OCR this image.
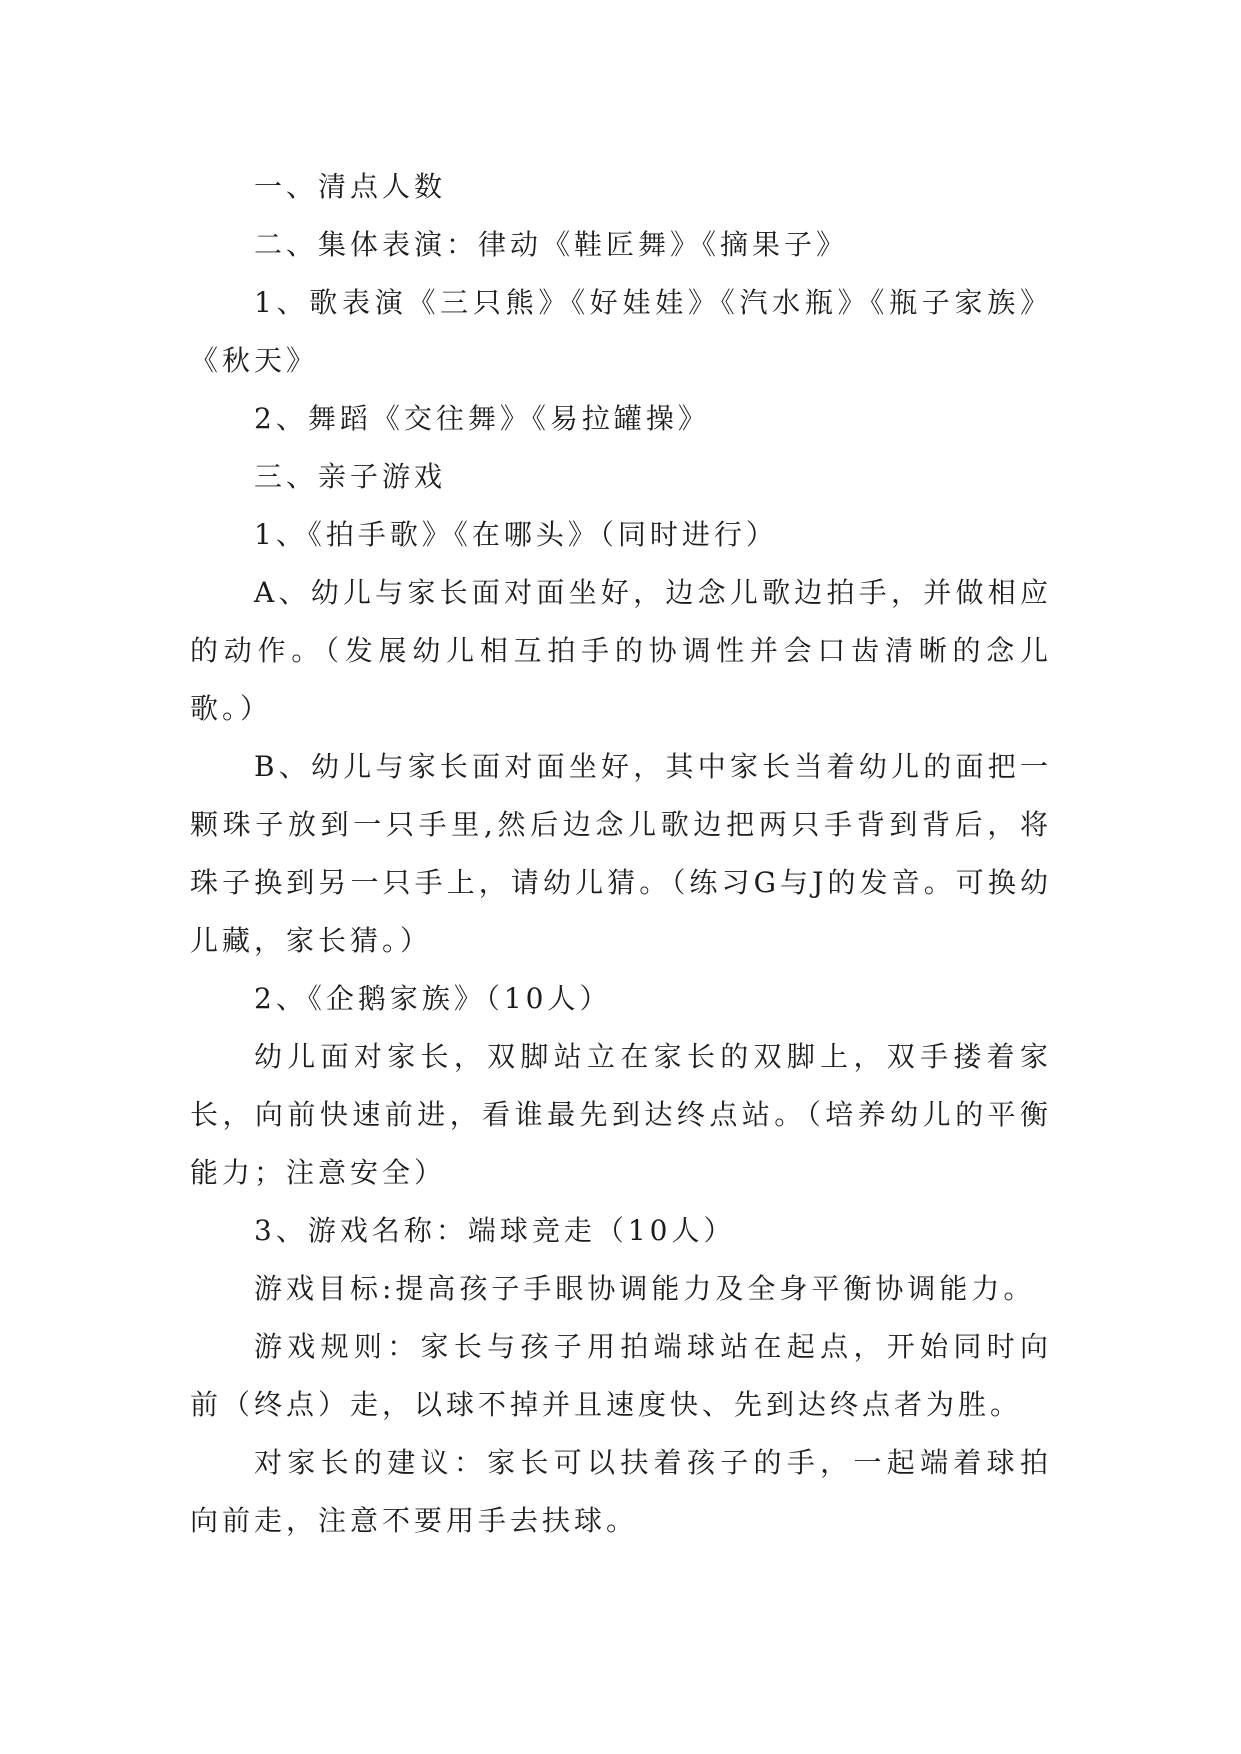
一、清点人数

二、集体表演：律动《鞋匠舞》《摘果子》

1、歌表演《三只熊》《好娃娃》《汽水瓶》《瓶子家族》《秋天》

2、舞蹈《交往舞》《易拉罐操》

三、亲子游戏

1、《拍手歌》《在哪头》（同时进行）

A、幼儿与家长面对面坐好，边念儿歌边拍手，并做相应的动作。（发展幼儿相互拍手的协调性并会口齿清晰的念儿歌。）

B、幼儿与家长面对面坐好，其中家长当着幼儿的面把一颗珠子放到一只手里,然后边念儿歌边把两只手背到背后，将珠子换到另一只手上，请幼儿猜。（练习G与J的发音。可换幼儿藏，家长猜。）

2、《企鹅家族》（10人）

幼儿面对家长，双脚站立在家长的双脚上，双手搂着家长，向前快速前进，看谁最先到达终点站。（培养幼儿的平衡能力；注意安全）

3、游戏名称：端球竞走（10人）

游戏目标:提高孩子手眼协调能力及全身平衡协调能力。

游戏规则：家长与孩子用拍端球站在起点，开始同时向前（终点）走，以球不掉并且速度快、先到达终点者为胜。

对家长的建议：家长可以扶着孩子的手，一起端着球拍向前走，注意不要用手去扶球。
